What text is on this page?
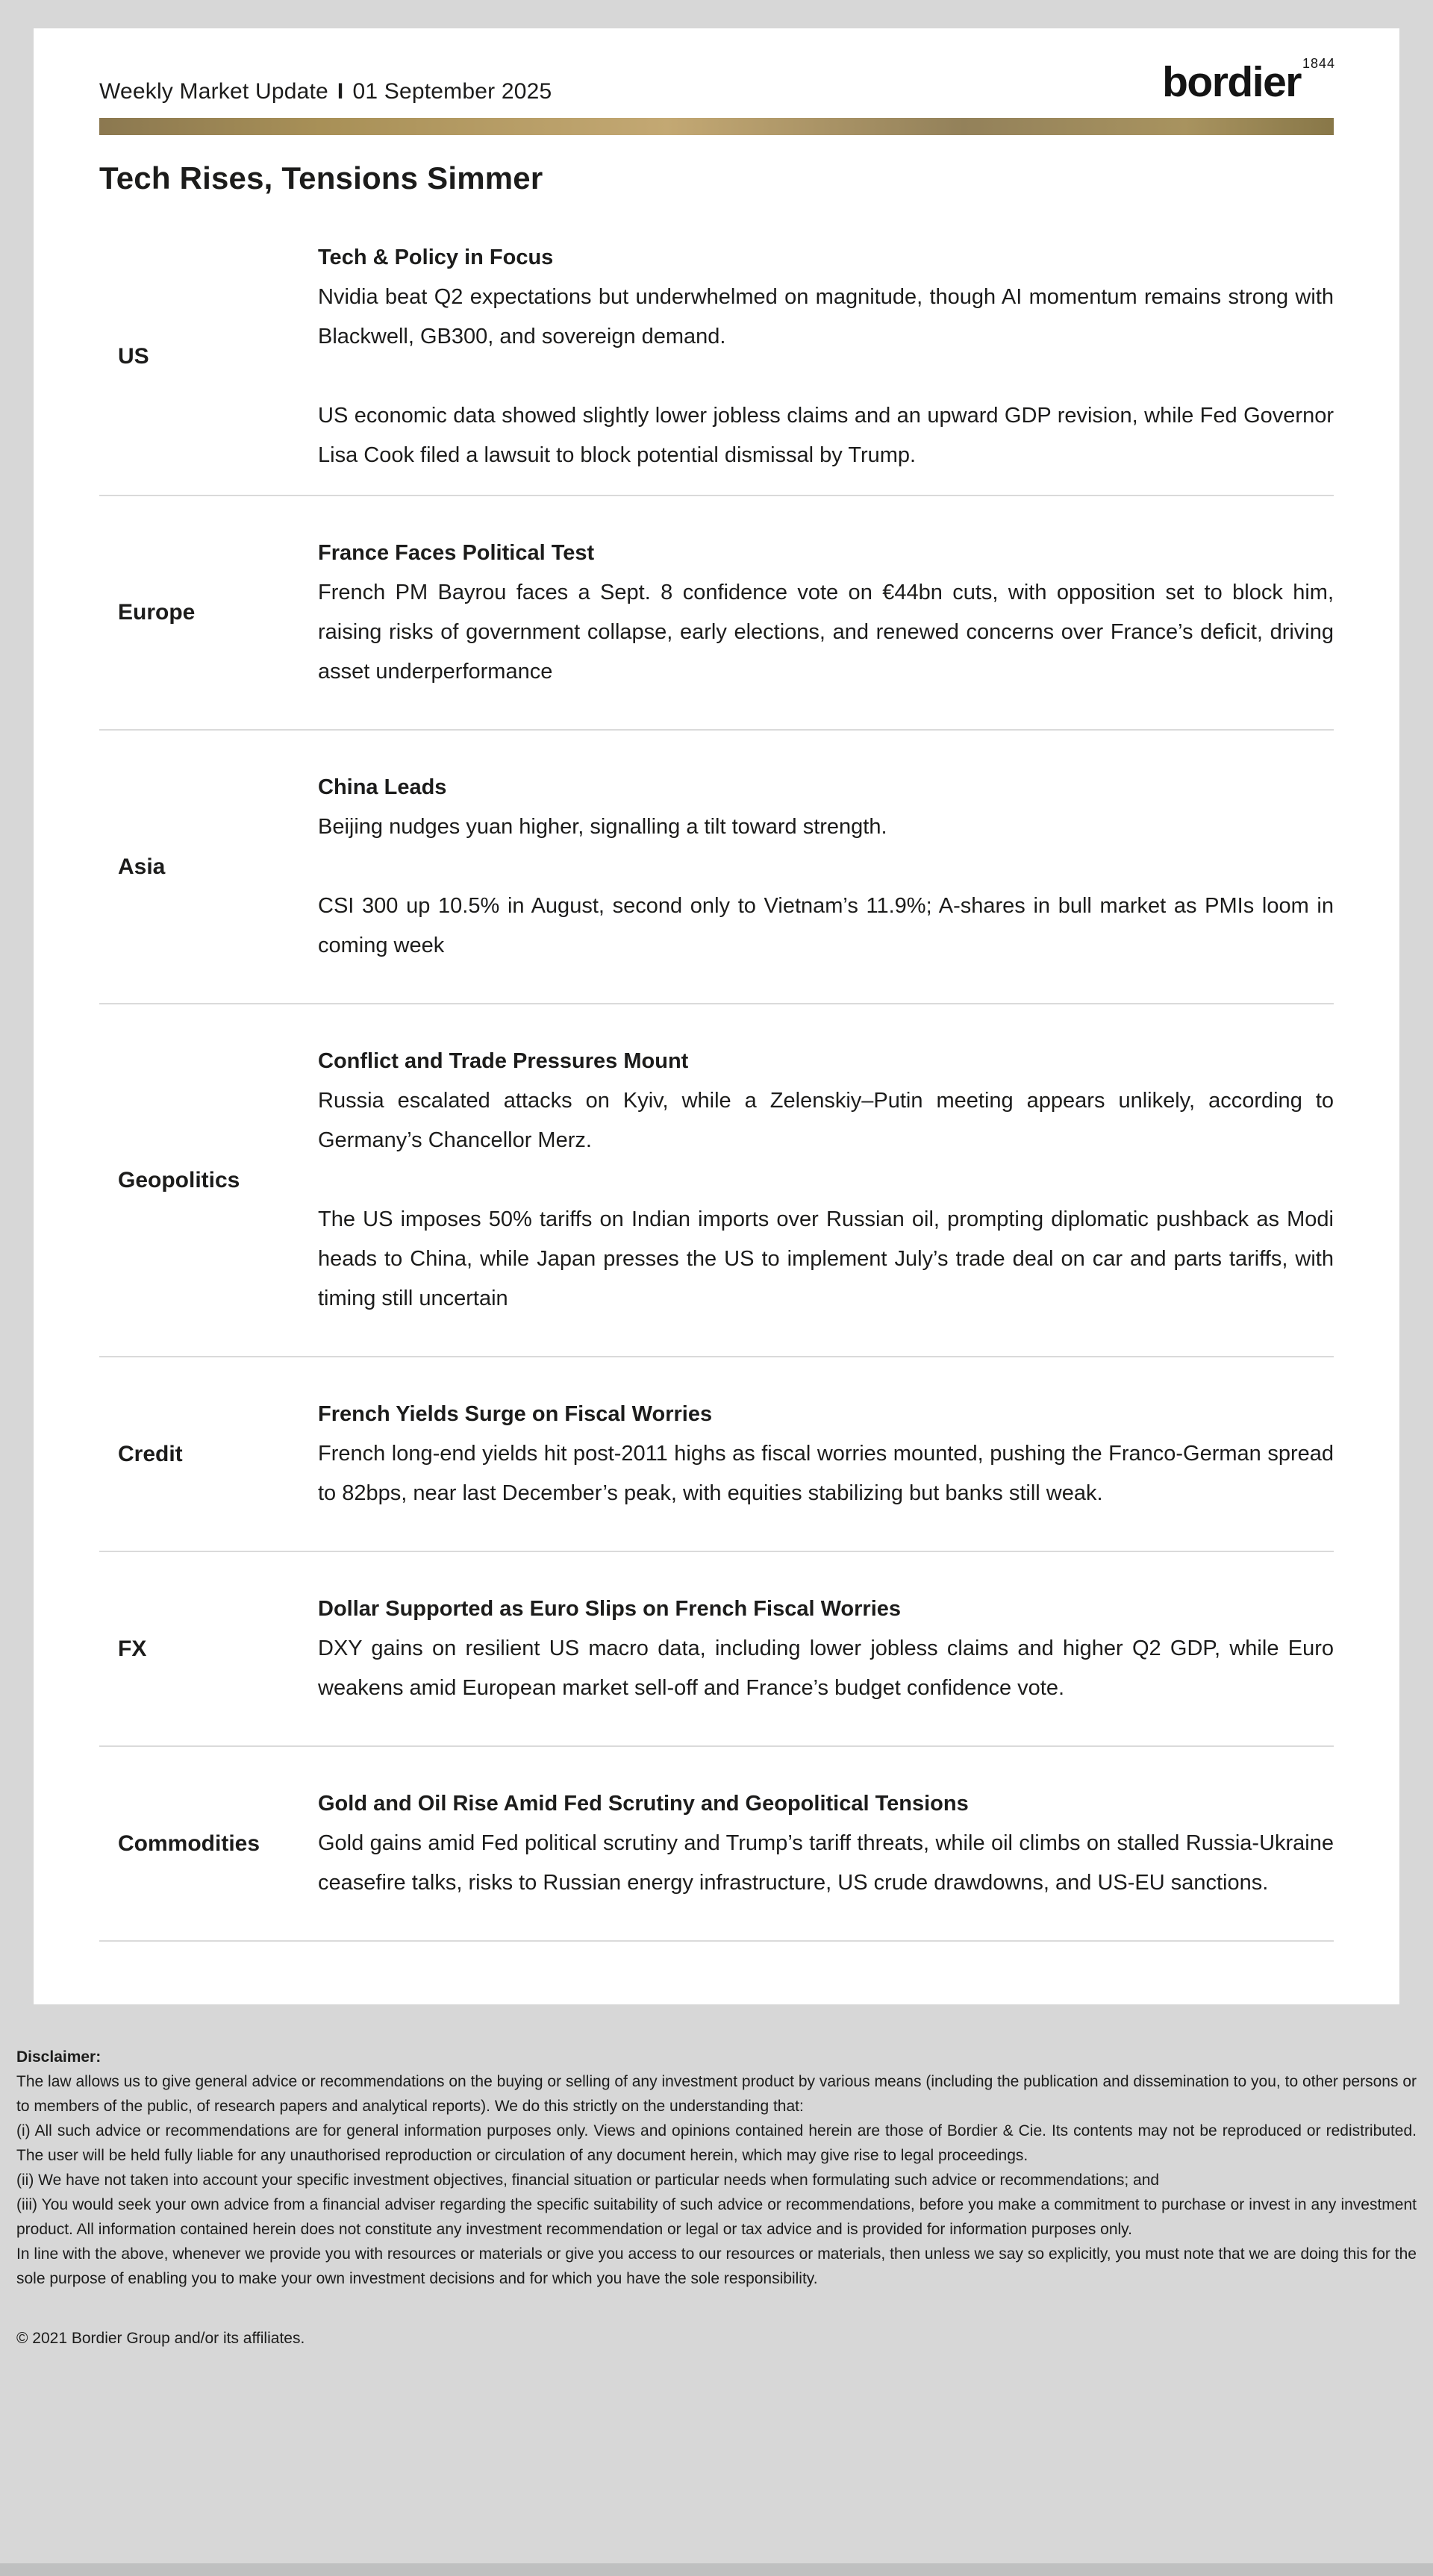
Weekly Market Update I 01 September 2025	bordier $^{1844}$
Tech Rises, Tensions Simmer
US
Tech & Policy in Focus

Nvidia beat Q2 expectations but underwhelmed on magnitude, though AI momentum remains strong with Blackwell, GB300, and sovereign demand.

US economic data showed slightly lower jobless claims and an upward GDP revision, while Fed Governor Lisa Cook filed a lawsuit to block potential dismissal by Trump.

Europe
France Faces Political Test

French PM Bayrou faces a Sept. 8 confidence vote on €44bn cuts, with opposition set to block him, raising risks of government collapse, early elections, and renewed concerns over France’s deficit, driving asset underperformance

Asia
China Leads

Beijing nudges yuan higher, signalling a tilt toward strength.

CSI 300 up 10.5% in August, second only to Vietnam’s 11.9%; A-shares in bull market as PMIs loom in coming week

Geopolitics
Conflict and Trade Pressures Mount

Russia escalated attacks on Kyiv, while a Zelenskiy–Putin meeting appears unlikely, according to Germany’s Chancellor Merz.

The US imposes 50% tariffs on Indian imports over Russian oil, prompting diplomatic pushback as Modi heads to China, while Japan presses the US to implement July’s trade deal on car and parts tariffs, with timing still uncertain

Credit
French Yields Surge on Fiscal Worries

French long-end yields hit post-2011 highs as fiscal worries mounted, pushing the Franco-German spread to 82bps, near last December’s peak, with equities stabilizing but banks still weak.

FX
Dollar Supported as Euro Slips on French Fiscal Worries

DXY gains on resilient US macro data, including lower jobless claims and higher Q2 GDP, while Euro weakens amid European market sell-off and France’s budget confidence vote.

Commodities
Gold and Oil Rise Amid Fed Scrutiny and Geopolitical Tensions

Gold gains amid Fed political scrutiny and Trump’s tariff threats, while oil climbs on stalled Russia-Ukraine ceasefire talks, risks to Russian energy infrastructure, US crude drawdowns, and US-EU sanctions.

Disclaimer:

The law allows us to give general advice or recommendations on the buying or selling of any investment product by various means (including the publication and dissemination to you, to other persons or to members of the public, of research papers and analytical reports). We do this strictly on the understanding that:

(i) All such advice or recommendations are for general information purposes only. Views and opinions contained herein are those of Bordier & Cie. Its contents may not be reproduced or redistributed. The user will be held fully liable for any unauthorised reproduction or circulation of any document herein, which may give rise to legal proceedings.

(ii) We have not taken into account your specific investment objectives, financial situation or particular needs when formulating such advice or recommendations; and

(iii) You would seek your own advice from a financial adviser regarding the specific suitability of such advice or recommendations, before you make a commitment to purchase or invest in any investment product. All information contained herein does not constitute any investment recommendation or legal or tax advice and is provided for information purposes only.

In line with the above, whenever we provide you with resources or materials or give you access to our resources or materials, then unless we say so explicitly, you must note that we are doing this for the sole purpose of enabling you to make your own investment decisions and for which you have the sole responsibility.

© 2021 Bordier Group and/or its affiliates.
